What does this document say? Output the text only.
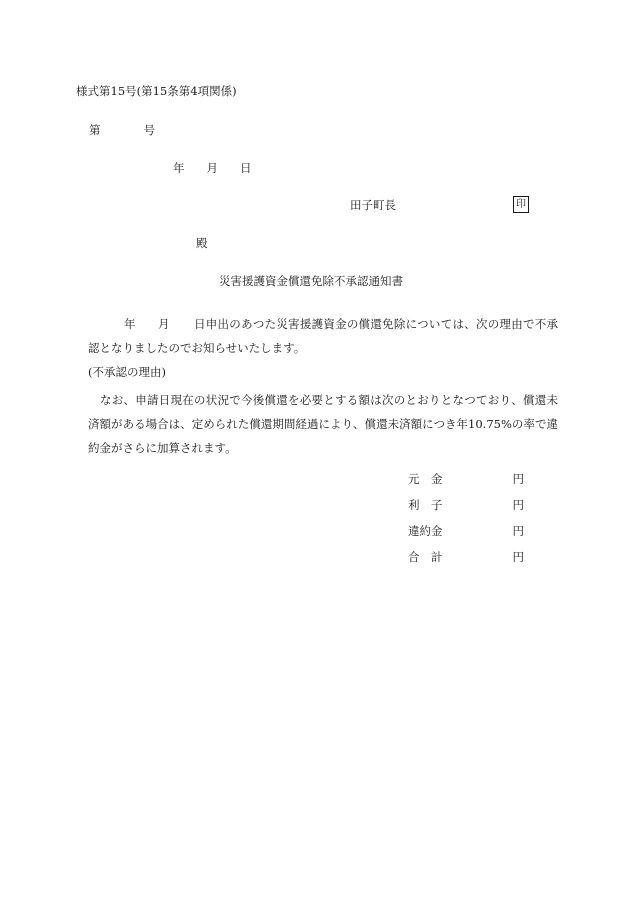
様式第15号(第15条第4項関係)
第	号
年 月 日
田子町長	印
殿
災害援護資金償還免除不承認通知書
年 月 日申出のあつた災害援護資金の償還免除については、次の理由で不承認となりましたのでお知らせいたします。
(不承認の理由)
なお、申請日現在の状況で今後償還を必要とする額は次のとおりとなつており、償還未済額がある場合は、定められた償還期間経過により、償還未済額につき年10.75%の率で違約金がさらに加算されます。
元　金	円
利　子	円
違約金	円
合　計	円
